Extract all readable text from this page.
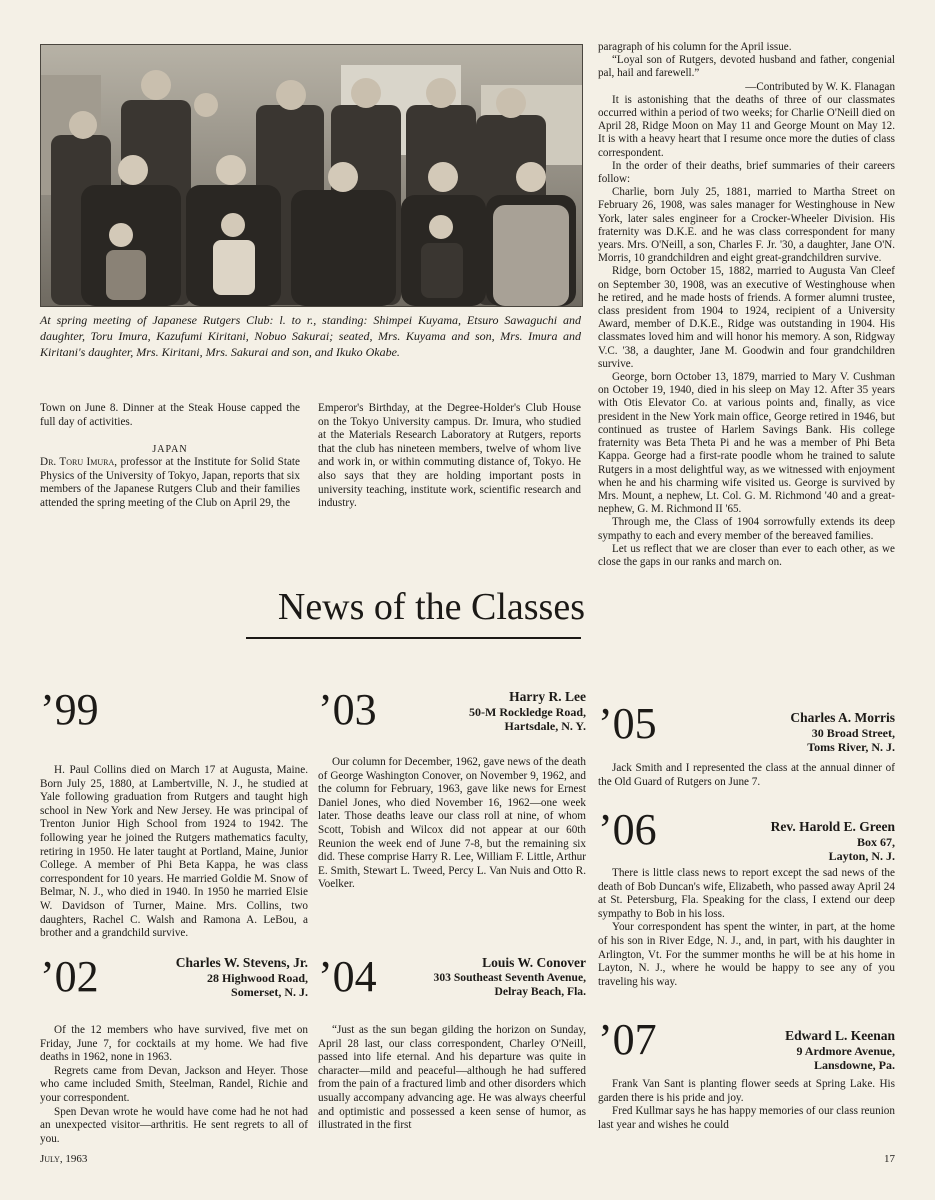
At spring meeting of Japanese Rutgers Club: l. to r., standing: Shimpei Kuyama, Etsuro Sawaguchi and daughter, Toru Imura, Kazufumi Kiritani, Nobuo Sakurai; seated, Mrs. Kuyama and son, Mrs. Imura and Kiritani's daughter, Mrs. Kiritani, Mrs. Sakurai and son, and Ikuko Okabe.

Town on June 8. Dinner at the Steak House capped the full day of activities.

JAPAN

Dr. Toru Imura, professor at the Institute for Solid State Physics of the University of Tokyo, Japan, reports that six members of the Japanese Rutgers Club and their families attended the spring meeting of the Club on April 29, the

Emperor's Birthday, at the Degree-Holder's Club House on the Tokyo University campus. Dr. Imura, who studied at the Materials Research Laboratory at Rutgers, reports that the club has nineteen members, twelve of whom live and work in, or within commuting distance of, Tokyo. He also says that they are holding important posts in university teaching, institute work, scientific research and industry.

News of the Classes

paragraph of his column for the April issue.

“Loyal son of Rutgers, devoted husband and father, congenial pal, hail and farewell.”

—Contributed by W. K. Flanagan

It is astonishing that the deaths of three of our classmates occurred within a period of two weeks; for Charlie O'Neill died on April 28, Ridge Moon on May 11 and George Mount on May 12. It is with a heavy heart that I resume once more the duties of class correspondent.

In the order of their deaths, brief summaries of their careers follow:

Charlie, born July 25, 1881, married to Martha Street on February 26, 1908, was sales manager for Westinghouse in New York, later sales engineer for a Crocker-Wheeler Division. His fraternity was D.K.E. and he was class correspondent for many years. Mrs. O'Neill, a son, Charles F. Jr. '30, a daughter, Jane O'N. Morris, 10 grandchildren and eight great-grandchildren survive.

Ridge, born October 15, 1882, married to Augusta Van Cleef on September 30, 1908, was an executive of Westinghouse when he retired, and he made hosts of friends. A former alumni trustee, class president from 1904 to 1924, recipient of a University Award, member of D.K.E., Ridge was outstanding in 1904. His classmates loved him and will honor his memory. A son, Ridgway V.C. '38, a daughter, Jane M. Goodwin and four grandchildren survive.

George, born October 13, 1879, married to Mary V. Cushman on October 19, 1940, died in his sleep on May 12. After 35 years with Otis Elevator Co. at various points and, finally, as vice president in the New York main office, George retired in 1946, but continued as trustee of Harlem Savings Bank. His college fraternity was Beta Theta Pi and he was a member of Phi Beta Kappa. George had a first-rate poodle whom he trained to salute Rutgers in a most delightful way, as we witnessed with enjoyment when he and his charming wife visited us. George is survived by Mrs. Mount, a nephew, Lt. Col. G. M. Richmond '40 and a great-nephew, G. M. Richmond II '65.

Through me, the Class of 1904 sorrowfully extends its deep sympathy to each and every member of the bereaved families.

Let us reflect that we are closer than ever to each other, as we close the gaps in our ranks and march on.

’99

H. Paul Collins died on March 17 at Augusta, Maine. Born July 25, 1880, at Lambertville, N. J., he studied at Yale following graduation from Rutgers and taught high school in New York and New Jersey. He was principal of Trenton Junior High School from 1924 to 1942. The following year he joined the Rutgers mathematics faculty, retiring in 1950. He later taught at Portland, Maine, Junior College. A member of Phi Beta Kappa, he was class correspondent for 10 years. He married Goldie M. Snow of Belmar, N. J., who died in 1940. In 1950 he married Elsie W. Davidson of Turner, Maine. Mrs. Collins, two daughters, Rachel C. Walsh and Ramona A. LeBou, a brother and a grandchild survive.

’02	Charles W. Stevens, Jr.
28 Highwood Road,
Somerset, N. J.

Of the 12 members who have survived, five met on Friday, June 7, for cocktails at my home. We had five deaths in 1962, none in 1963.

Regrets came from Devan, Jackson and Heyer. Those who came included Smith, Steelman, Randel, Richie and your correspondent.

Spen Devan wrote he would have come had he not had an unexpected visitor—arthritis. He sent regrets to all of you.

’03	Harry R. Lee
50-M Rockledge Road,
Hartsdale, N. Y.

Our column for December, 1962, gave news of the death of George Washington Conover, on November 9, 1962, and the column for February, 1963, gave like news for Ernest Daniel Jones, who died November 16, 1962—one week later. Those deaths leave our class roll at nine, of whom Scott, Tobish and Wilcox did not appear at our 60th Reunion the week end of June 7-8, but the remaining six did. These comprise Harry R. Lee, William F. Little, Arthur E. Smith, Stewart L. Tweed, Percy L. Van Nuis and Otto R. Voelker.

’04	Louis W. Conover
303 Southeast Seventh Avenue,
Delray Beach, Fla.

“Just as the sun began gilding the horizon on Sunday, April 28 last, our class correspondent, Charley O'Neill, passed into life eternal. And his departure was quite in character—mild and peaceful—although he had suffered from the pain of a fractured limb and other disorders which usually accompany advancing age. He was always cheerful and optimistic and possessed a keen sense of humor, as illustrated in the first

’05	Charles A. Morris
30 Broad Street,
Toms River, N. J.

Jack Smith and I represented the class at the annual dinner of the Old Guard of Rutgers on June 7.

’06	Rev. Harold E. Green
Box 67,
Layton, N. J.

There is little class news to report except the sad news of the death of Bob Duncan's wife, Elizabeth, who passed away April 24 at St. Petersburg, Fla. Speaking for the class, I extend our deep sympathy to Bob in his loss.

Your correspondent has spent the winter, in part, at the home of his son in River Edge, N. J., and, in part, with his daughter in Arlington, Vt. For the summer months he will be at his home in Layton, N. J., where he would be happy to see any of you traveling his way.

’07	Edward L. Keenan
9 Ardmore Avenue,
Lansdowne, Pa.

Frank Van Sant is planting flower seeds at Spring Lake. His garden there is his pride and joy.

Fred Kullmar says he has happy memories of our class reunion last year and wishes he could

July, 1963	17
